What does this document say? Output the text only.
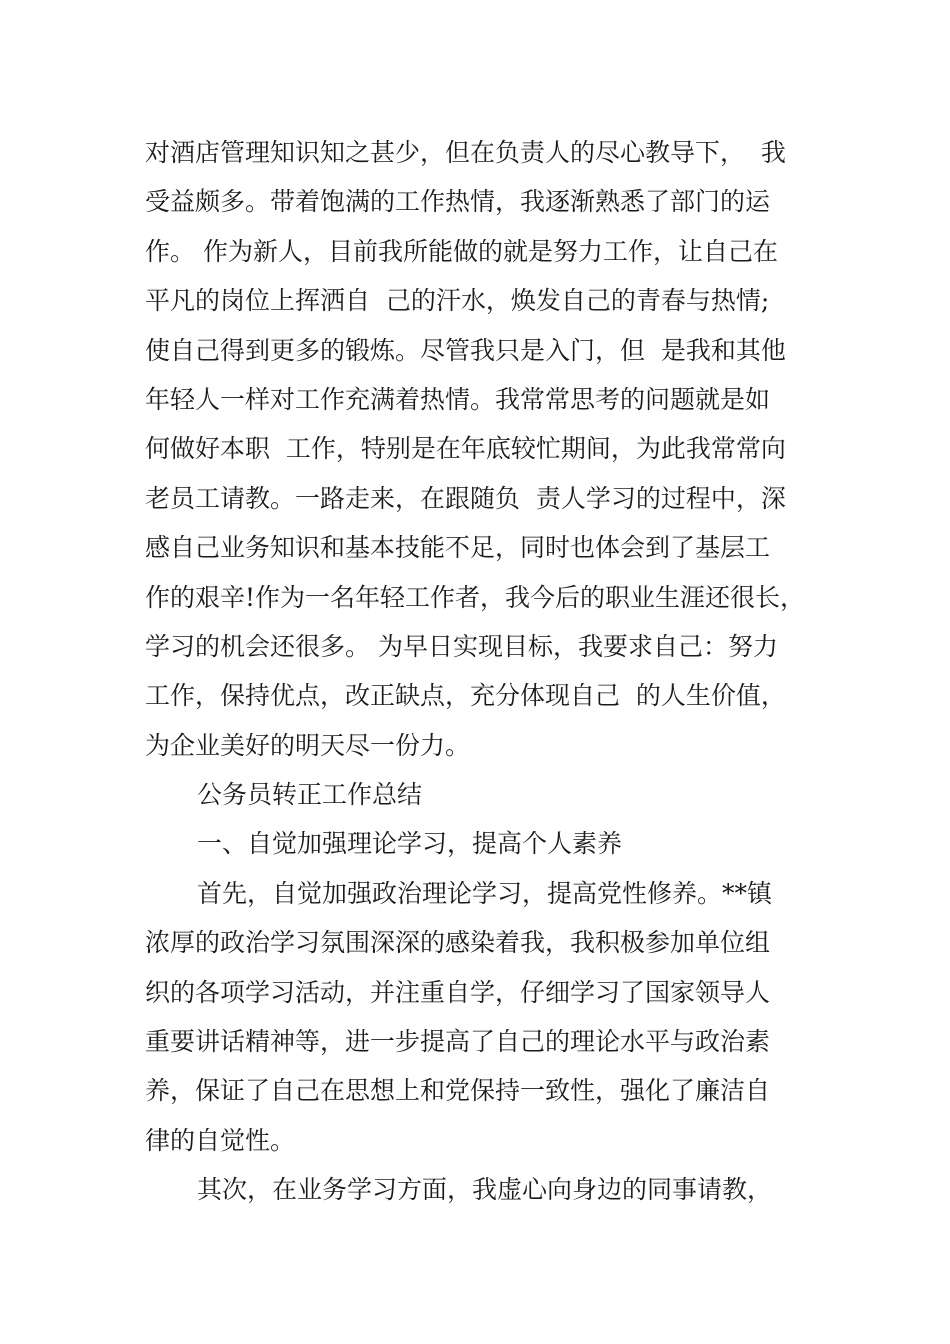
对酒店管理知识知之甚少，但在负责人的尽心教导下，  我
受益颇多。带着饱满的工作热情，我逐渐熟悉了部门的运
作。 作为新人，目前我所能做的就是努力工作，让自己在
平凡的岗位上挥洒自  己的汗水，焕发自己的青春与热情;
使自己得到更多的锻炼。尽管我只是入门，但  是我和其他
年轻人一样对工作充满着热情。我常常思考的问题就是如
何做好本职  工作，特别是在年底较忙期间，为此我常常向
老员工请教。一路走来，在跟随负  责人学习的过程中，深
感自己业务知识和基本技能不足，同时也体会到了基层工
作的艰辛!作为一名年轻工作者，我今后的职业生涯还很长，
学习的机会还很多。 为早日实现目标，我要求自己：努力
工作，保持优点，改正缺点，充分体现自己  的人生价值，
为企业美好的明天尽一份力。
公务员转正工作总结
一、自觉加强理论学习，提高个人素养
首先，自觉加强政治理论学习，提高党性修养。**镇
浓厚的政治学习氛围深深的感染着我，我积极参加单位组
织的各项学习活动，并注重自学，仔细学习了国家领导人
重要讲话精神等，进一步提高了自己的理论水平与政治素
养，保证了自己在思想上和党保持一致性，强化了廉洁自
律的自觉性。
其次，在业务学习方面，我虚心向身边的同事请教，
